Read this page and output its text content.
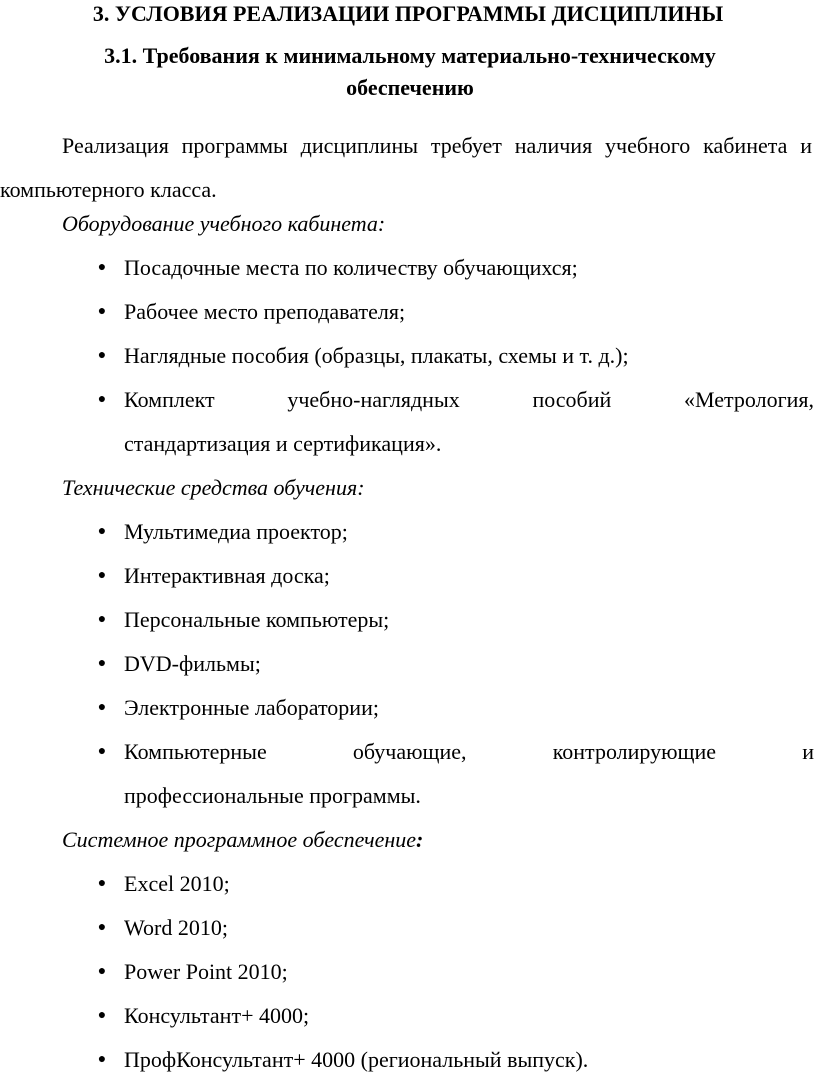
3. УСЛОВИЯ РЕАЛИЗАЦИИ ПРОГРАММЫ ДИСЦИПЛИНЫ
3.1. Требования к минимальному материально-техническому обеспечению
Реализация программы дисциплины требует наличия учебного кабинета и компьютерного класса.
Оборудование учебного кабинета:
● Посадочные места по количеству обучающихся;
● Рабочее место преподавателя;
● Наглядные пособия (образцы, плакаты, схемы и т. д.);
● Комплект учебно-наглядных пособий «Метрология,
стандартизация и сертификация».
Технические средства обучения:
● Мультимедиа проектор;
● Интерактивная доска;
● Персональные компьютеры;
● DVD-фильмы;
● Электронные лаборатории;
● Компьютерные обучающие, контролирующие и
профессиональные программы.
Системное программное обеспечение:
● Excel 2010;
● Word 2010;
● Power Point 2010;
● Консультант+ 4000;
● ПрофКонсультант+ 4000 (региональный выпуск).
